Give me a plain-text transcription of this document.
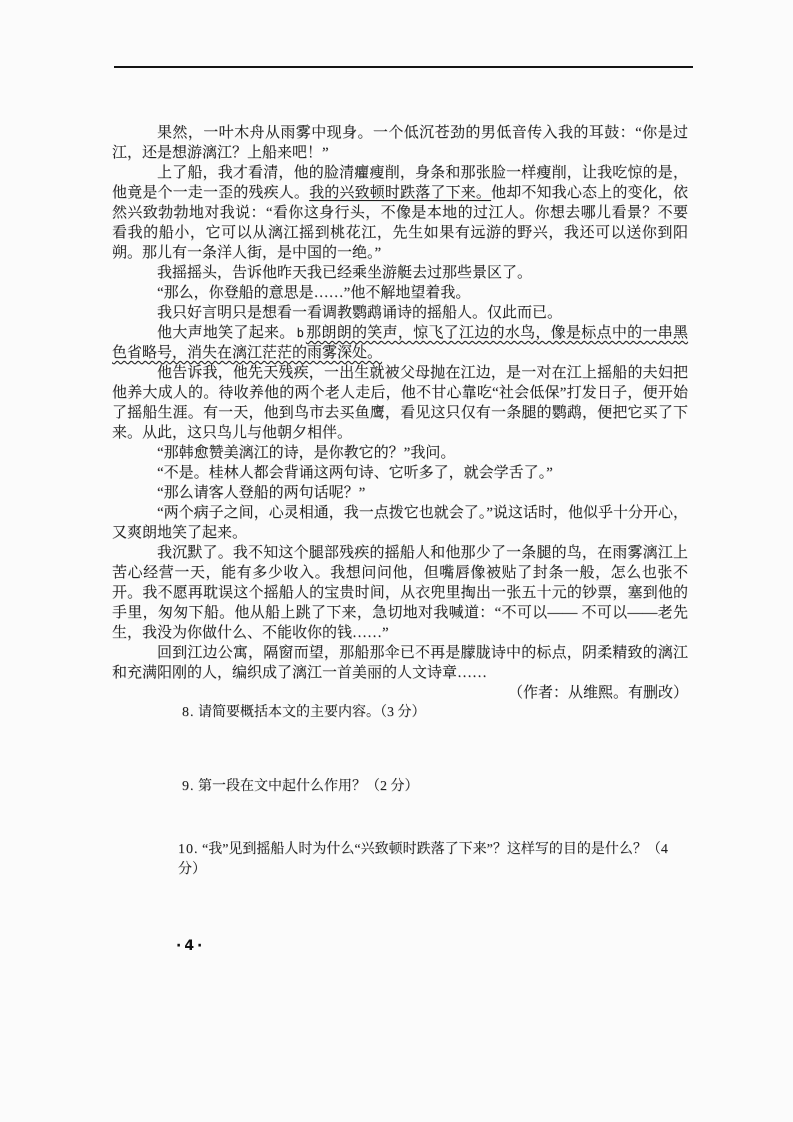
果然，一叶木舟从雨雾中现身。一个低沉苍劲的男低音传入我的耳鼓：“你是过江，还是想游漓江？上船来吧！”

上了船，我才看清，他的脸清癯瘦削，身条和那张脸一样瘦削，让我吃惊的是，他竟是个一走一歪的残疾人。我的兴致顿时跌落了下来。他却不知我心态上的变化，依然兴致勃勃地对我说：“看你这身行头，不像是本地的过江人。你想去哪儿看景？不要看我的船小，它可以从漓江摇到桃花江，先生如果有远游的野兴，我还可以送你到阳朔。那儿有一条洋人街，是中国的一绝。”

我摇摇头，告诉他昨天我已经乘坐游艇去过那些景区了。

“那么，你登船的意思是……”他不解地望着我。

我只好言明只是想看一看调教鹦鹉诵诗的摇船人。仅此而已。

他大声地笑了起来。 b 那朗朗的笑声，惊飞了江边的水鸟，像是标点中的一串黑色省略号，消失在漓江茫茫的雨雾深处。

他告诉我，他先天残疾，一出生就被父母抛在江边，是一对在江上摇船的夫妇把他养大成人的。待收养他的两个老人走后，他不甘心靠吃“社会低保”打发日子，便开始了摇船生涯。有一天，他到鸟市去买鱼鹰，看见这只仅有一条腿的鹦鹉，便把它买了下来。从此，这只鸟儿与他朝夕相伴。

“那韩愈赞美漓江的诗，是你教它的？”我问。

“不是。桂林人都会背诵这两句诗、它听多了，就会学舌了。”

“那么请客人登船的两句话呢？”

“两个病子之间，心灵相通，我一点拨它也就会了。”说这话时，他似乎十分开心，又爽朗地笑了起来。

我沉默了。我不知这个腿部残疾的摇船人和他那少了一条腿的鸟，在雨雾漓江上苦心经营一天，能有多少收入。我想问问他，但嘴唇像被贴了封条一般，怎么也张不开。我不愿再耽误这个摇船人的宝贵时间，从衣兜里掏出一张五十元的钞票，塞到他的手里，匆匆下船。他从船上跳了下来，急切地对我喊道：“不可以—— 不可以——老先生，我没为你做什么、不能收你的钱……”

回到江边公寓，隔窗而望，那船那伞已不再是朦胧诗中的标点，阴柔精致的漓江和充满阳刚的人，编织成了漓江一首美丽的人文诗章……

（作者：从维熙。有删改）

8. 请简要概括本文的主要内容。（3 分）

9. 第一段在文中起什么作用？（2 分）

10. “我”见到摇船人时为什么“兴致顿时跌落了下来”？这样写的目的是什么？（4 分）

·4·
